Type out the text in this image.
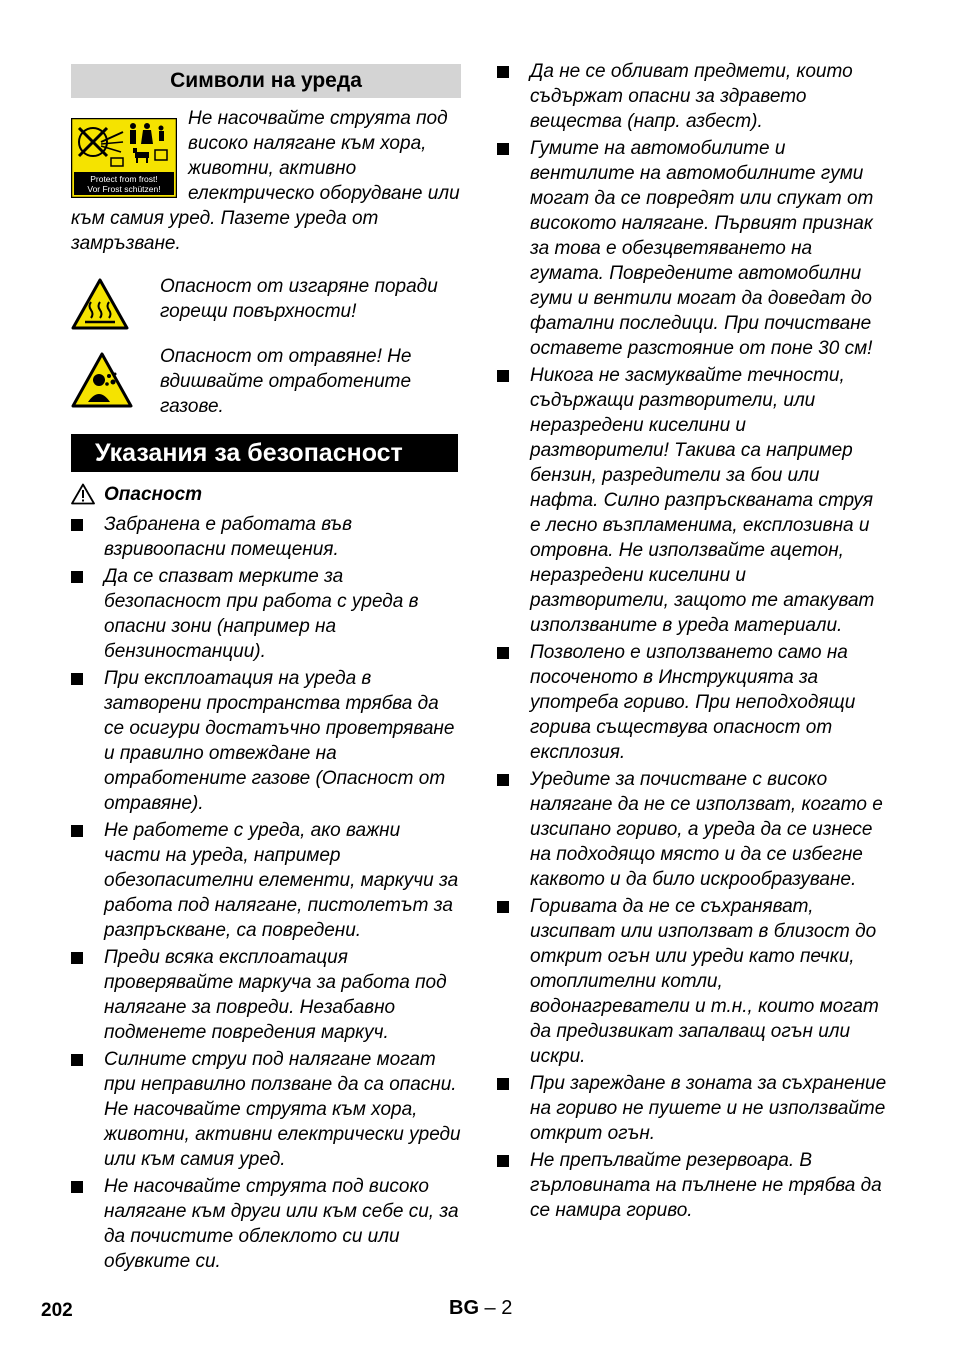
Символи на уреда
Protect from frost!
Vor Frost schützen!
Не насочвайте струята под високо налягане към хора, животни, активно електрическо оборудване или
към самия уред. Пазете уреда от замръзване.
Опасност от изгаряне поради горещи повърхности!
Опасност от отравяне! Не вдишвайте отработените газове.
Указания за безопасност
Опасност
Забранена е работата във взривоопасни помещения.
Да се спазват мерките за безопасност при работа с уреда в опасни зони (например на бензиностанции).
При експлоатация на уреда в затворени пространства трябва да се осигури достатъчно проветряване и правилно отвеждане на отработените газове (Опасност от отравяне).
Не работете с уреда, ако важни части на уреда, например обезопасителни елементи, маркучи за работа под налягане, пистолетът за разпръскване, са повредени.
Преди всяка експлоатация проверявайте маркуча за работа под налягане за повреди. Незабавно подменете повредения маркуч.
Силните струи под налягане могат при неправилно ползване да са опасни. Не насочвайте струята към хора, животни, активни електрически уреди или към самия уред.
Не насочвайте струята под високо налягане към други или към себе си, за да почистите облеклото си или обувките си.
Да не се обливат предмети, които съдържат опасни за здравето вещества (напр. азбест).
Гумите на автомобилите и вентилите на автомобилните гуми могат да се повредят или спукат от високото налягане. Първият признак за това е обезцветяването на гумата. Повредените автомобилни гуми и вентили могат да доведат до фатални последици. При почистване оставете разстояние от поне 30 см!
Никога не засмуквайте течности, съдържащи разтворители, или неразредени киселини и разтворители! Такива са например бензин, разредители за бои или нафта. Силно разпръскваната струя е лесно възпламенима, експлозивна и отровна. Не използвайте ацетон, неразредени киселини и разтворители, защото те атакуват използваните в уреда материали.
Позволено е използването само на посоченото в Инструкцията за употреба гориво. При неподходящи горива съществува опасност от експлозия.
Уредите за почистване с високо налягане да не се използват, когато е изсипано гориво, а уреда да се изнесе на подходящо място и да се избегне каквото и да било искрообразуване.
Горивата да не се съхраняват, изсипват или използват в близост до открит огън или уреди като печки, отоплителни котли, водонагреватели и т.н., които могат да предизвикат запалващ огън или искри.
При зареждане в зоната за съхранение на гориво не пушете и не използвайте открит огън.
Не препълвайте резервоара. В гърловината на пълнене не трябва да се намира гориво.
202	BG – 2
